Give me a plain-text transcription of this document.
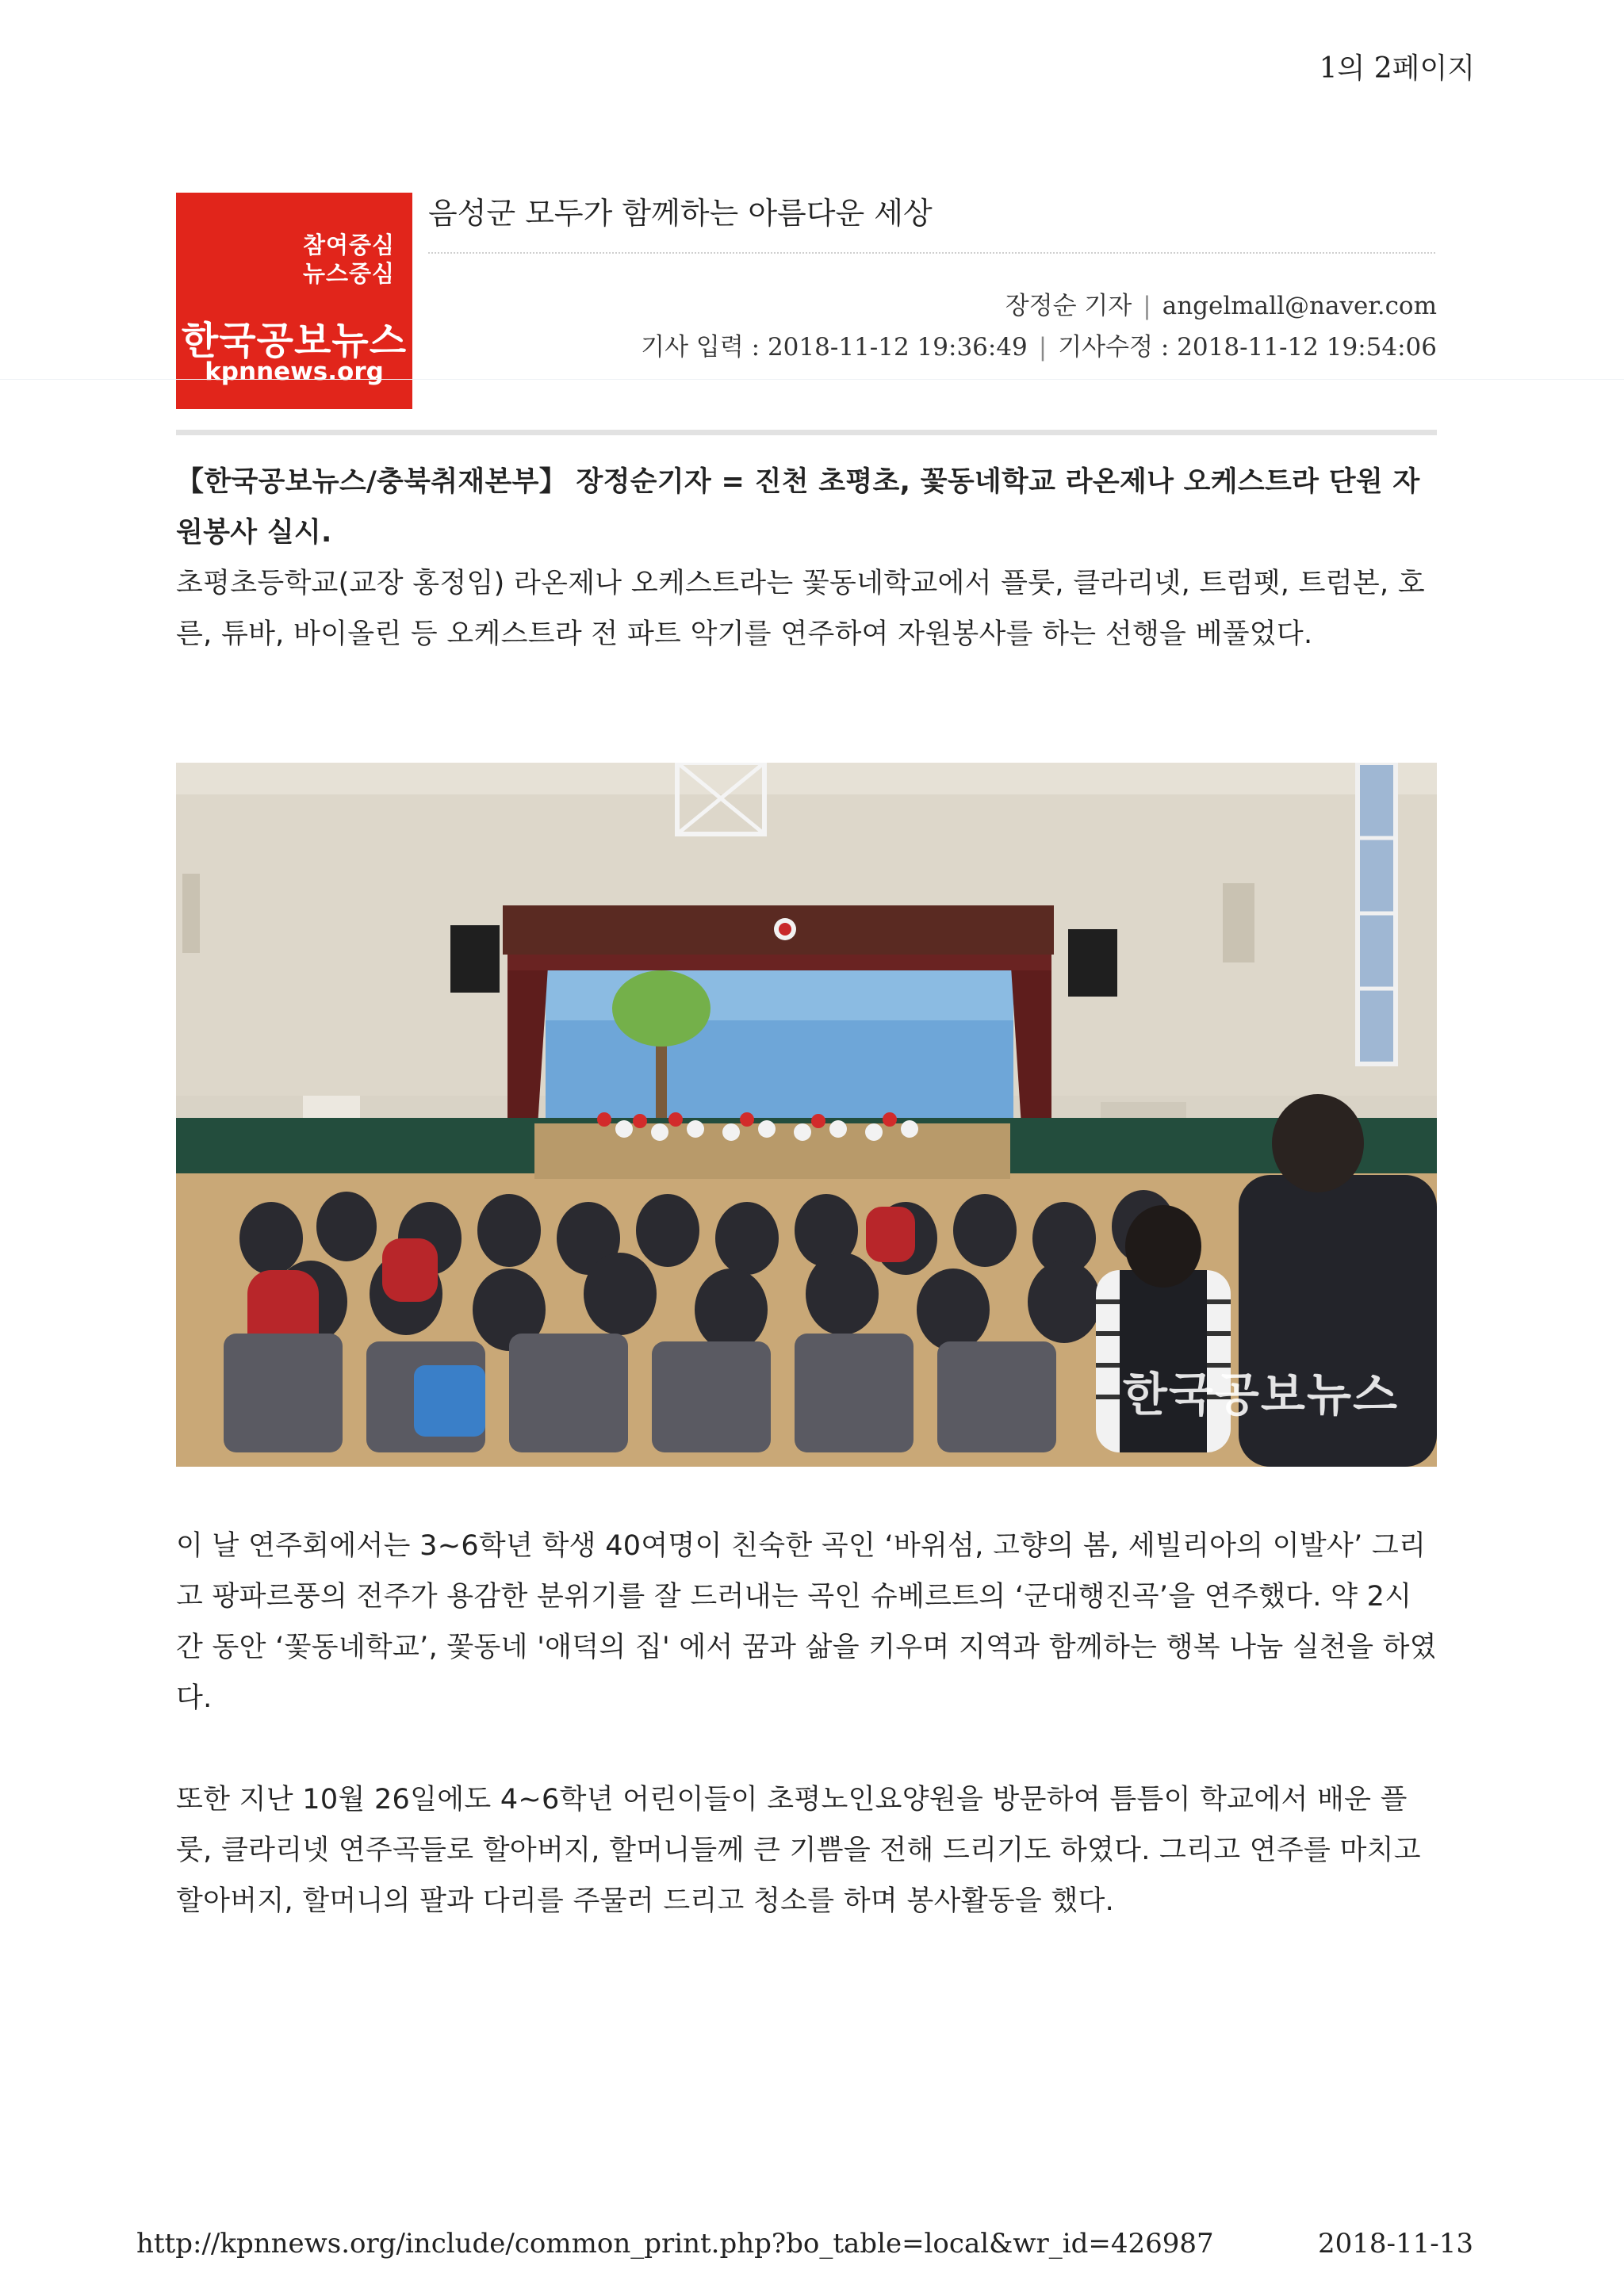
1의 2페이지
참여중심
뉴스중심
한국공보뉴스
kpnnews.org
음성군 모두가 함께하는 아름다운 세상
장정순 기자 | angelmall@naver.com
기사 입력 : 2018-11-12 19:36:49 | 기사수정 : 2018-11-12 19:54:06

【한국공보뉴스/충북취재본부】 장정순기자 = 진천 초평초, 꽃동네학교 라온제나 오케스트라 단원 자원봉사 실시.

초평초등학교(교장 홍정임) 라온제나 오케스트라는 꽃동네학교에서 플룻, 클라리넷, 트럼펫, 트럼본, 호른, 튜바, 바이올린 등 오케스트라 전 파트 악기를 연주하여 자원봉사를 하는 선행을 베풀었다.

한국공보뉴스

이 날 연주회에서는 3~6학년 학생 40여명이 친숙한 곡인 ‘바위섬, 고향의 봄, 세빌리아의 이발사’ 그리고 팡파르풍의 전주가 용감한 분위기를 잘 드러내는 곡인 슈베르트의 ‘군대행진곡’을 연주했다. 약 2시간 동안 ‘꽃동네학교’, 꽃동네 '애덕의 집' 에서 꿈과 삶을 키우며 지역과 함께하는 행복 나눔 실천을 하였다.

또한 지난 10월 26일에도 4~6학년 어린이들이 초평노인요양원을 방문하여 틈틈이 학교에서 배운 플룻, 클라리넷 연주곡들로 할아버지, 할머니들께 큰 기쁨을 전해 드리기도 하였다. 그리고 연주를 마치고 할아버지, 할머니의 팔과 다리를 주물러 드리고 청소를 하며 봉사활동을 했다.

http://kpnnews.org/include/common_print.php?bo_table=local&wr_id=426987	2018-11-13
